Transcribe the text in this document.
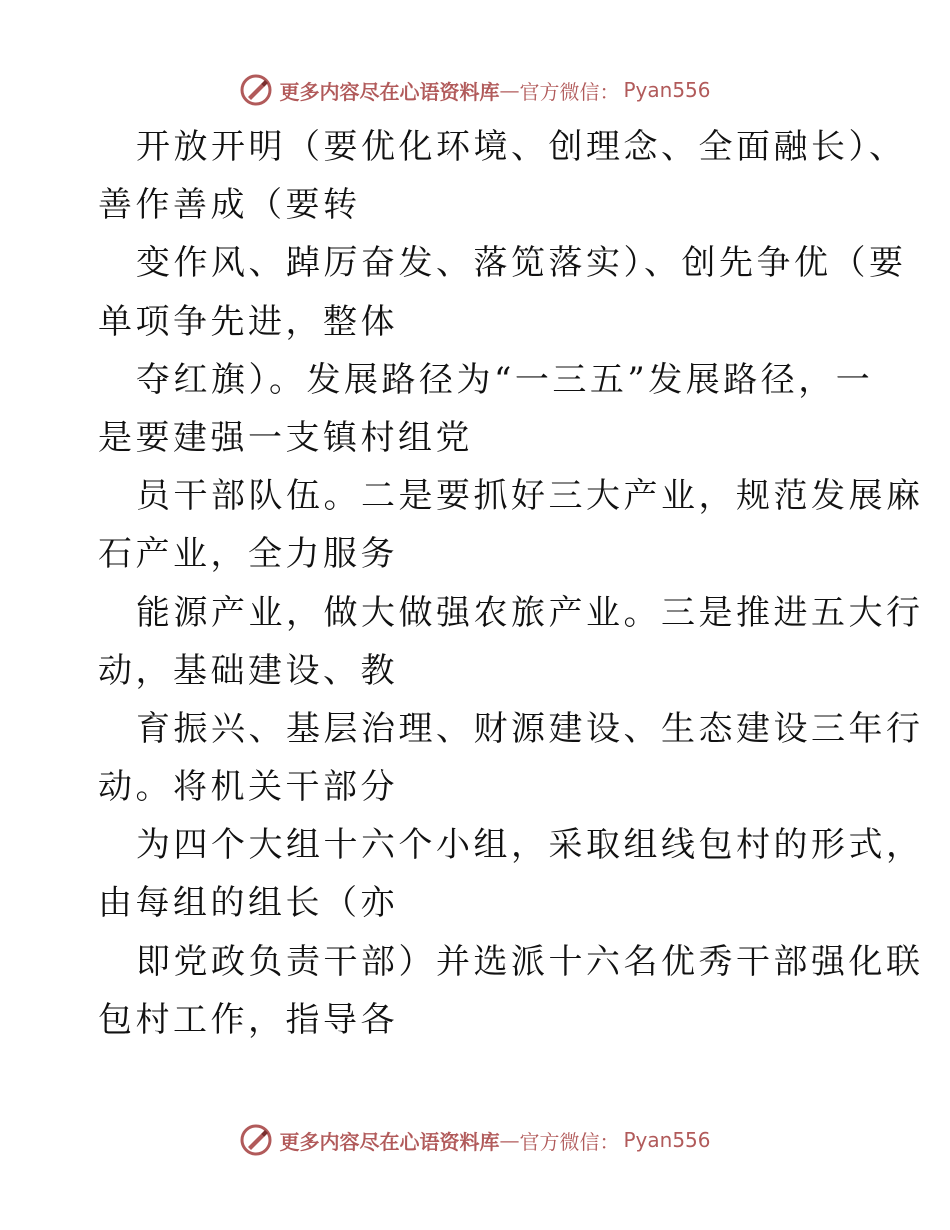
更多内容尽在心语资料库 — 官方微信： Pyan556
开放开明（要优化环境、创理念、全面融长）、
善作善成（要转
变作风、踔厉奋发、落笕落实）、创先争优（要
单项争先进，整体
夺红旗）。发展路径为“一三五”发展路径，一
是要建强一支镇村组党
员干部队伍。二是要抓好三大产业，规范发展麻
石产业，全力服务
能源产业，做大做强农旅产业。三是推进五大行
动，基础建设、教
育振兴、基层治理、财源建设、生态建设三年行
动。将机关干部分
为四个大组十六个小组，采取组线包村的形式，
由每组的组长（亦
即党政负责干部）并选派十六名优秀干部强化联
包村工作，指导各
更多内容尽在心语资料库 — 官方微信： Pyan556
